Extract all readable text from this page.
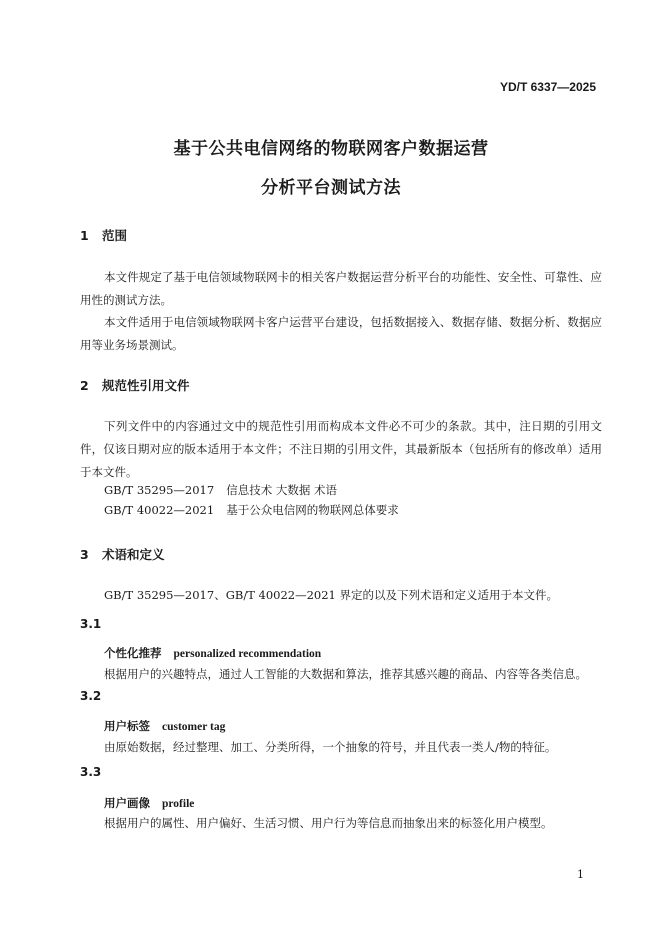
YD/T 6337—2025
基于公共电信网络的物联网客户数据运营
分析平台测试方法
1 范围
本文件规定了基于电信领域物联网卡的相关客户数据运营分析平台的功能性、安全性、可靠性、应用性的测试方法。
本文件适用于电信领域物联网卡客户运营平台建设，包括数据接入、数据存储、数据分析、数据应用等业务场景测试。
2 规范性引用文件
下列文件中的内容通过文中的规范性引用而构成本文件必不可少的条款。其中，注日期的引用文件，仅该日期对应的版本适用于本文件；不注日期的引用文件，其最新版本（包括所有的修改单）适用于本文件。
GB/T 35295—2017 信息技术 大数据 术语
GB/T 40022—2021 基于公众电信网的物联网总体要求
3 术语和定义
GB/T 35295—2017、GB/T 40022—2021 界定的以及下列术语和定义适用于本文件。
3.1
个性化推荐 personalized recommendation
根据用户的兴趣特点，通过人工智能的大数据和算法，推荐其感兴趣的商品、内容等各类信息。
3.2
用户标签 customer tag
由原始数据，经过整理、加工、分类所得，一个抽象的符号，并且代表一类人/物的特征。
3.3
用户画像 profile
根据用户的属性、用户偏好、生活习惯、用户行为等信息而抽象出来的标签化用户模型。
1
